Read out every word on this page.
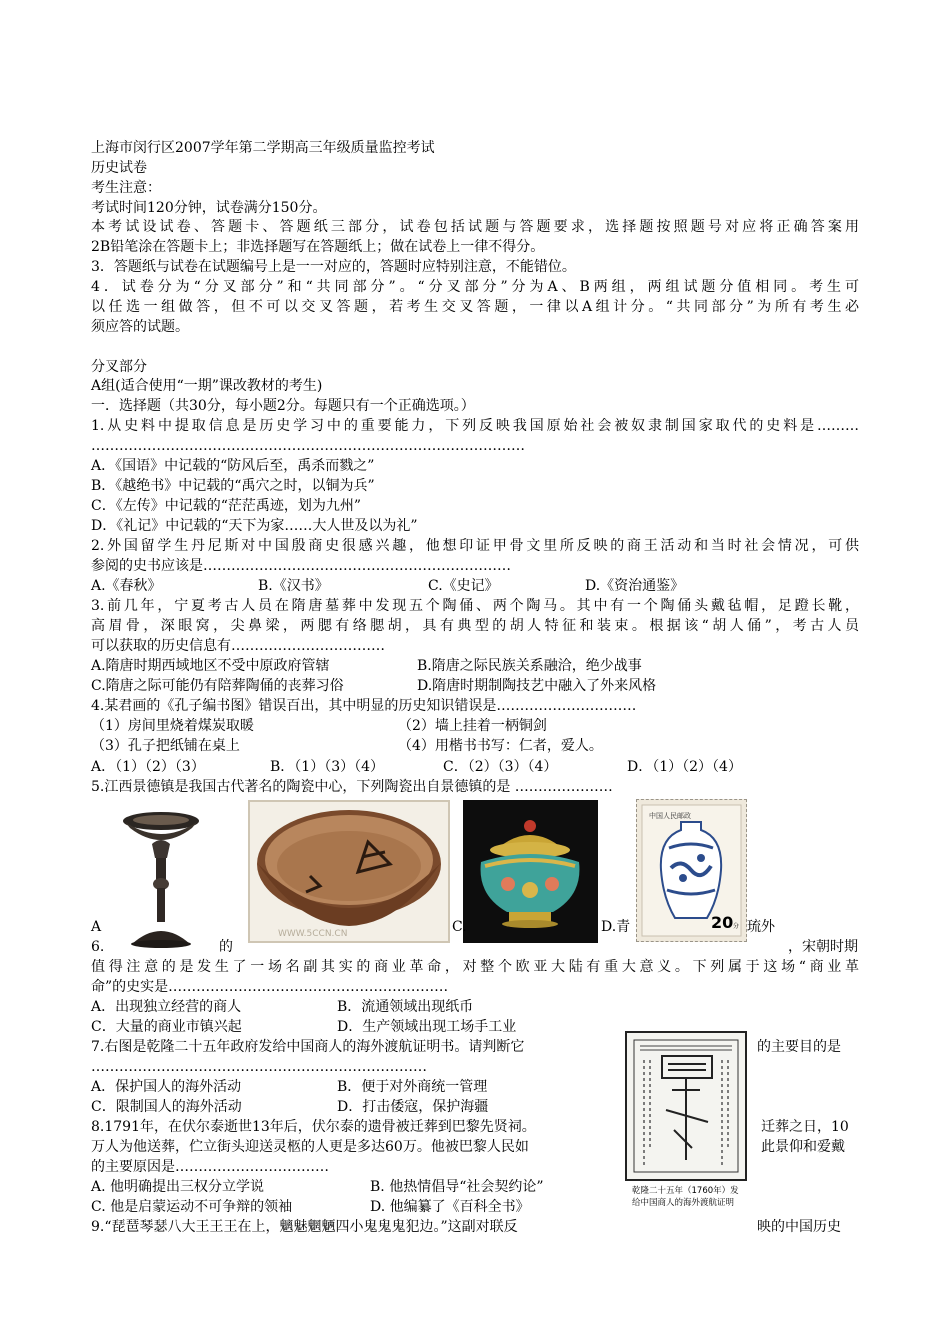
上海市闵行区2007学年第二学期高三年级质量监控考试
历史试卷
考生注意：
考试时间120分钟，试卷满分150分。
本考试设试卷、答题卡、答题纸三部分，试卷包括试题与答题要求，选择题按照题号对应将正确答案用
2B铅笔涂在答题卡上；非选择题写在答题纸上；做在试卷上一律不得分。
3．答题纸与试卷在试题编号上是一一对应的，答题时应特别注意，不能错位。
4．试卷分为“分叉部分”和“共同部分”。“分叉部分”分为A、B两组，两组试题分值相同。考生可
以任选一组做答，但不可以交叉答题，若考生交叉答题，一律以A组计分。“共同部分”为所有考生必
须应答的试题。
分叉部分
A组(适合使用“一期”课改教材的考生)
一．选择题（共30分，每小题2分。每题只有一个正确选项。）
1.从史料中提取信息是历史学习中的重要能力，下列反映我国原始社会被奴隶制国家取代的史料是………
…………………………………………………………………………………
A．《国语》中记载的“防风后至，禹杀而戮之”
B．《越绝书》中记载的“禹穴之时，以铜为兵”
C．《左传》中记载的“茫茫禹迹，划为九州”
D．《礼记》中记载的“天下为家……大人世及以为礼”
2.外国留学生丹尼斯对中国殷商史很感兴趣，他想印证甲骨文里所反映的商王活动和当时社会情况，可供
参阅的史书应该是…………………………………………………………
A.《春秋》	B.《汉书》	C.《史记》	D.《资治通鉴》
3.前几年，宁夏考古人员在隋唐墓葬中发现五个陶俑、两个陶马。其中有一个陶俑头戴毡帽，足蹬长靴，
高眉骨，深眼窝，尖鼻梁，两腮有络腮胡，具有典型的胡人特征和装束。根据该“胡人俑”，考古人员
可以获取的历史信息有……………………………
A.隋唐时期西域地区不受中原政府管辖	B.隋唐之际民族关系融洽，绝少战事
C.隋唐之际可能仍有陪葬陶俑的丧葬习俗	D.隋唐时期制陶技艺中融入了外来风格
4.某君画的《孔子编书图》错误百出，其中明显的历史知识错误是…………………………
（1）房间里烧着煤炭取暖	（2）墙上挂着一柄铜剑
（3）孔子把纸铺在桌上	（4）用楷书书写：仁者，爱人。
A．（1）（2）（3）	B．（1）（3）（4）	C．（2）（3）（4）	D．（1）（2）（4）
5.江西景德镇是我国古代著名的陶瓷中心，下列陶瓷出自景德镇的是 …………………
WWW.5CCN.CN
中国人民邮政
20 分
A	C.	D.青	琉外
6.	的	，宋朝时期
值得注意的是发生了一场名副其实的商业革命，对整个欧亚大陆有重大意义。下列属于这场“商业革
命”的史实是……………………………………………………
A．出现独立经营的商人	B．流通领域出现纸币
C．大量的商业市镇兴起	D．生产领域出现工场手工业
7.右图是乾隆二十五年政府发给中国商人的海外渡航证明书。请判断它	的主要目的是
………………………………………………………………
A．保护国人的海外活动	B．便于对外商统一管理
C．限制国人的海外活动	D．打击倭寇，保护海疆
乾隆二十五年（1760年）发
给中国商人的海外渡航证明
8.1791年，在伏尔泰逝世13年后，伏尔泰的遗骨被迁葬到巴黎先贤祠。	迁葬之日，10
万人为他送葬，伫立街头迎送灵柩的人更是多达60万。他被巴黎人民如	此景仰和爱戴
的主要原因是……………………………
A. 他明确提出三权分立学说	B. 他热情倡导“社会契约论”
C. 他是启蒙运动不可争辩的领袖	D. 他编纂了《百科全书》
9.“琵琶琴瑟八大王王王在上，魑魅魍魉四小鬼鬼鬼犯边。”这副对联反	映的中国历史
